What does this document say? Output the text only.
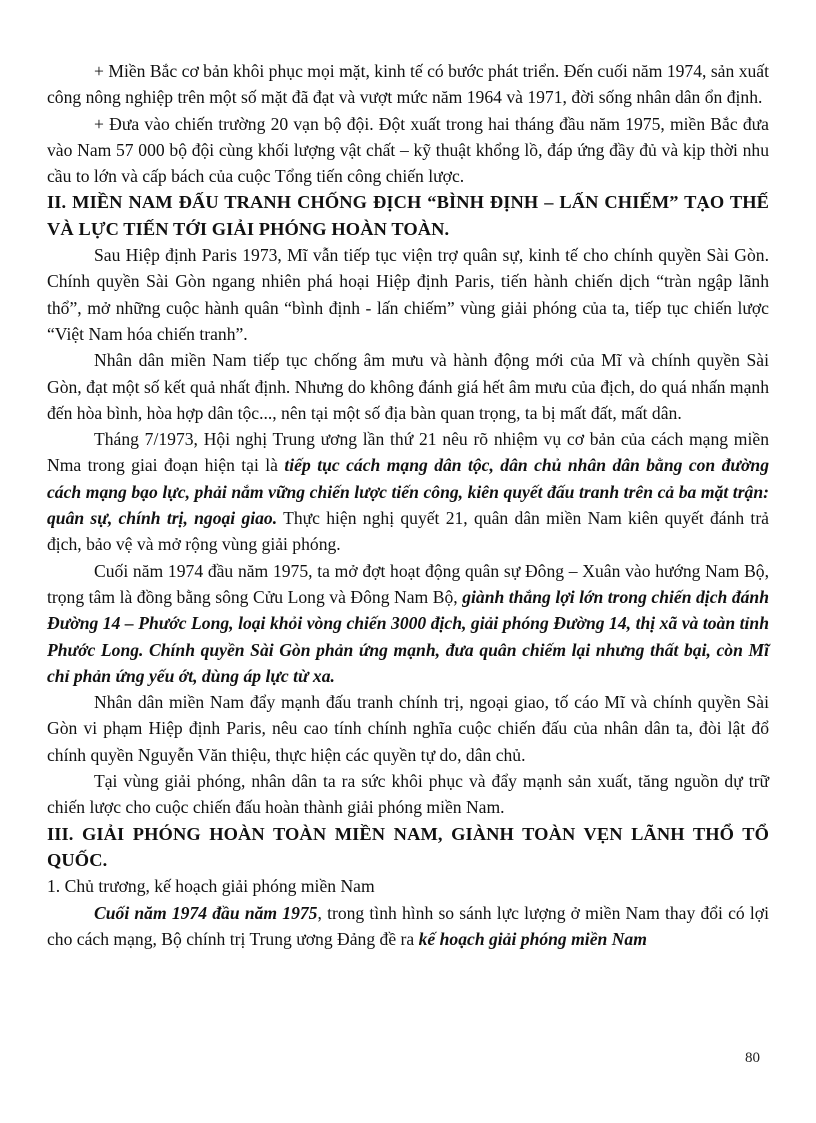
+ Miền Bắc cơ bản khôi phục mọi mặt, kinh tế có bước phát triển. Đến cuối năm 1974, sản xuất công nông nghiệp trên một số mặt đã đạt và vượt mức năm 1964 và 1971, đời sống nhân dân ổn định.

+ Đưa vào chiến trường 20 vạn bộ đội. Đột xuất trong hai tháng đầu năm 1975, miền Bắc đưa vào Nam 57 000 bộ đội cùng khối lượng vật chất – kỹ thuật khổng lồ, đáp ứng đầy đủ và kịp thời nhu cầu to lớn và cấp bách của cuộc Tổng tiến công chiến lược.

II. MIỀN NAM ĐẤU TRANH CHỐNG ĐỊCH “BÌNH ĐỊNH – LẤN CHIẾM” TẠO THẾ VÀ LỰC TIẾN TỚI GIẢI PHÓNG HOÀN TOÀN.

Sau Hiệp định Paris 1973, Mĩ vẫn tiếp tục viện trợ quân sự, kinh tế cho chính quyền Sài Gòn. Chính quyền Sài Gòn ngang nhiên phá hoại Hiệp định Paris, tiến hành chiến dịch “tràn ngập lãnh thổ”, mở những cuộc hành quân “bình định - lấn chiếm” vùng giải phóng của ta, tiếp tục chiến lược “Việt Nam hóa chiến tranh”.

Nhân dân miền Nam tiếp tục chống âm mưu và hành động mới của Mĩ và chính quyền Sài Gòn, đạt một số kết quả nhất định. Nhưng do không đánh giá hết âm mưu của địch, do quá nhấn mạnh đến hòa bình, hòa hợp dân tộc..., nên tại một số địa bàn quan trọng, ta bị mất đất, mất dân.

Tháng 7/1973, Hội nghị Trung ương lần thứ 21 nêu rõ nhiệm vụ cơ bản của cách mạng miền Nma trong giai đoạn hiện tại là tiếp tục cách mạng dân tộc, dân chủ nhân dân bằng con đường cách mạng bạo lực, phải nắm vững chiến lược tiến công, kiên quyết đấu tranh trên cả ba mặt trận: quân sự, chính trị, ngoại giao. Thực hiện nghị quyết 21, quân dân miền Nam kiên quyết đánh trả địch, bảo vệ và mở rộng vùng giải phóng.

Cuối năm 1974 đầu năm 1975, ta mở đợt hoạt động quân sự Đông – Xuân vào hướng Nam Bộ, trọng tâm là đồng bằng sông Cửu Long và Đông Nam Bộ, giành thắng lợi lớn trong chiến dịch đánh Đường 14 – Phước Long, loại khỏi vòng chiến 3000 địch, giải phóng Đường 14, thị xã và toàn tỉnh Phước Long. Chính quyền Sài Gòn phản ứng mạnh, đưa quân chiếm lại nhưng thất bại, còn Mĩ chỉ phản ứng yếu ớt, dùng áp lực từ xa.

Nhân dân miền Nam đẩy mạnh đấu tranh chính trị, ngoại giao, tố cáo Mĩ và chính quyền Sài Gòn vi phạm Hiệp định Paris, nêu cao tính chính nghĩa cuộc chiến đấu của nhân dân ta, đòi lật đổ chính quyền Nguyễn Văn thiệu, thực hiện các quyền tự do, dân chủ.

Tại vùng giải phóng, nhân dân ta ra sức khôi phục và đẩy mạnh sản xuất, tăng nguồn dự trữ chiến lược cho cuộc chiến đấu hoàn thành giải phóng miền Nam.

III. GIẢI PHÓNG HOÀN TOÀN MIỀN NAM, GIÀNH TOÀN VẸN LÃNH THỔ TỔ QUỐC.
1. Chủ trương, kế hoạch giải phóng miền Nam

Cuối năm 1974 đầu năm 1975, trong tình hình so sánh lực lượng ở miền Nam thay đổi có lợi cho cách mạng, Bộ chính trị Trung ương Đảng đề ra kế hoạch giải phóng miền Nam

80
